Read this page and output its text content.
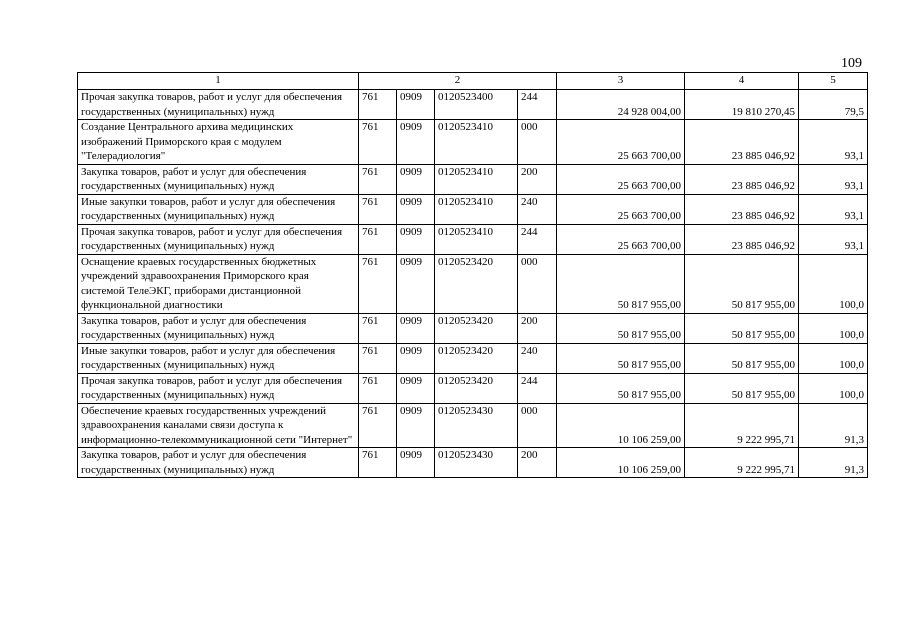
109
1	2				3	4	5
Прочая закупка товаров, работ и услуг для обеспечения государственных (муниципальных) нужд	761	0909	0120523400	244	24 928 004,00	19 810 270,45	79,5
Создание Центрального архива медицинских изображений Приморского края с модулем "Телерадиология"	761	0909	0120523410	000	25 663 700,00	23 885 046,92	93,1
Закупка товаров, работ и услуг для обеспечения государственных (муниципальных) нужд	761	0909	0120523410	200	25 663 700,00	23 885 046,92	93,1
Иные закупки товаров, работ и услуг для обеспечения государственных (муниципальных) нужд	761	0909	0120523410	240	25 663 700,00	23 885 046,92	93,1
Прочая закупка товаров, работ и услуг для обеспечения государственных (муниципальных) нужд	761	0909	0120523410	244	25 663 700,00	23 885 046,92	93,1
Оснащение краевых государственных бюджетных учреждений здравоохранения Приморского края системой ТелеЭКГ, приборами дистанционной функциональной диагностики	761	0909	0120523420	000	50 817 955,00	50 817 955,00	100,0
Закупка товаров, работ и услуг для обеспечения государственных (муниципальных) нужд	761	0909	0120523420	200	50 817 955,00	50 817 955,00	100,0
Иные закупки товаров, работ и услуг для обеспечения государственных (муниципальных) нужд	761	0909	0120523420	240	50 817 955,00	50 817 955,00	100,0
Прочая закупка товаров, работ и услуг для обеспечения государственных (муниципальных) нужд	761	0909	0120523420	244	50 817 955,00	50 817 955,00	100,0
Обеспечение краевых государственных учреждений здравоохранения каналами связи доступа к информационно-телекоммуникационной сети "Интернет"	761	0909	0120523430	000	10 106 259,00	9 222 995,71	91,3
Закупка товаров, работ и услуг для обеспечения государственных (муниципальных) нужд	761	0909	0120523430	200	10 106 259,00	9 222 995,71	91,3
